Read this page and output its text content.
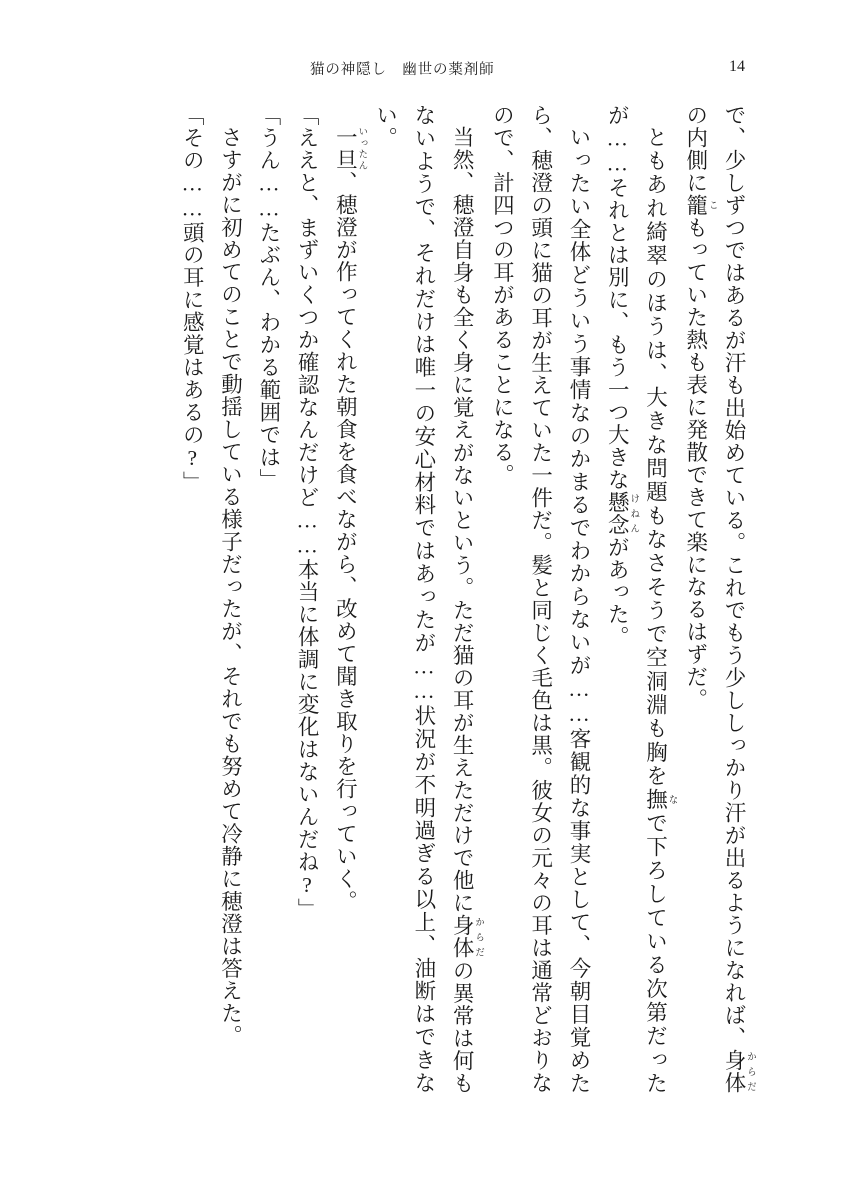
猫の神隠し　幽世の薬剤師	14

で、少しずつではあるが汗も出始めている。これでもう少ししっかり汗が出るようになれば、身体 からだの内側に籠 こもっていた熱も表に発散できて楽になるはずだ。

ともあれ綺翠のほうは、大きな問題もなさそうで空洞淵も胸を撫 なで下ろしている次第だったが……それとは別に、もう一つ大きな懸念 けねんがあった。

いったい全体どういう事情なのかまるでわからないが……客観的な事実として、今朝目覚めたら、穂澄の頭に猫の耳が生えていた一件だ。髪と同じく毛色は黒。彼女の元々の耳は通常どおりなので、計四つの耳があることになる。

当然、穂澄自身も全く身に覚えがないという。ただ猫の耳が生えただけで他に身体 からだの異常は何もないようで、それだけは唯一の安心材料ではあったが……状況が不明過ぎる以上、油断はできない。

一旦 いったん、穂澄が作ってくれた朝食を食べながら、改めて聞き取りを行っていく。

「ええと、まずいくつか確認なんだけど……本当に体調に変化はないんだね?」

「うん……たぶん、わかる範囲では」

さすがに初めてのことで動揺している様子だったが、それでも努めて冷静に穂澄は答えた。

「その……頭の耳に感覚はあるの?」
